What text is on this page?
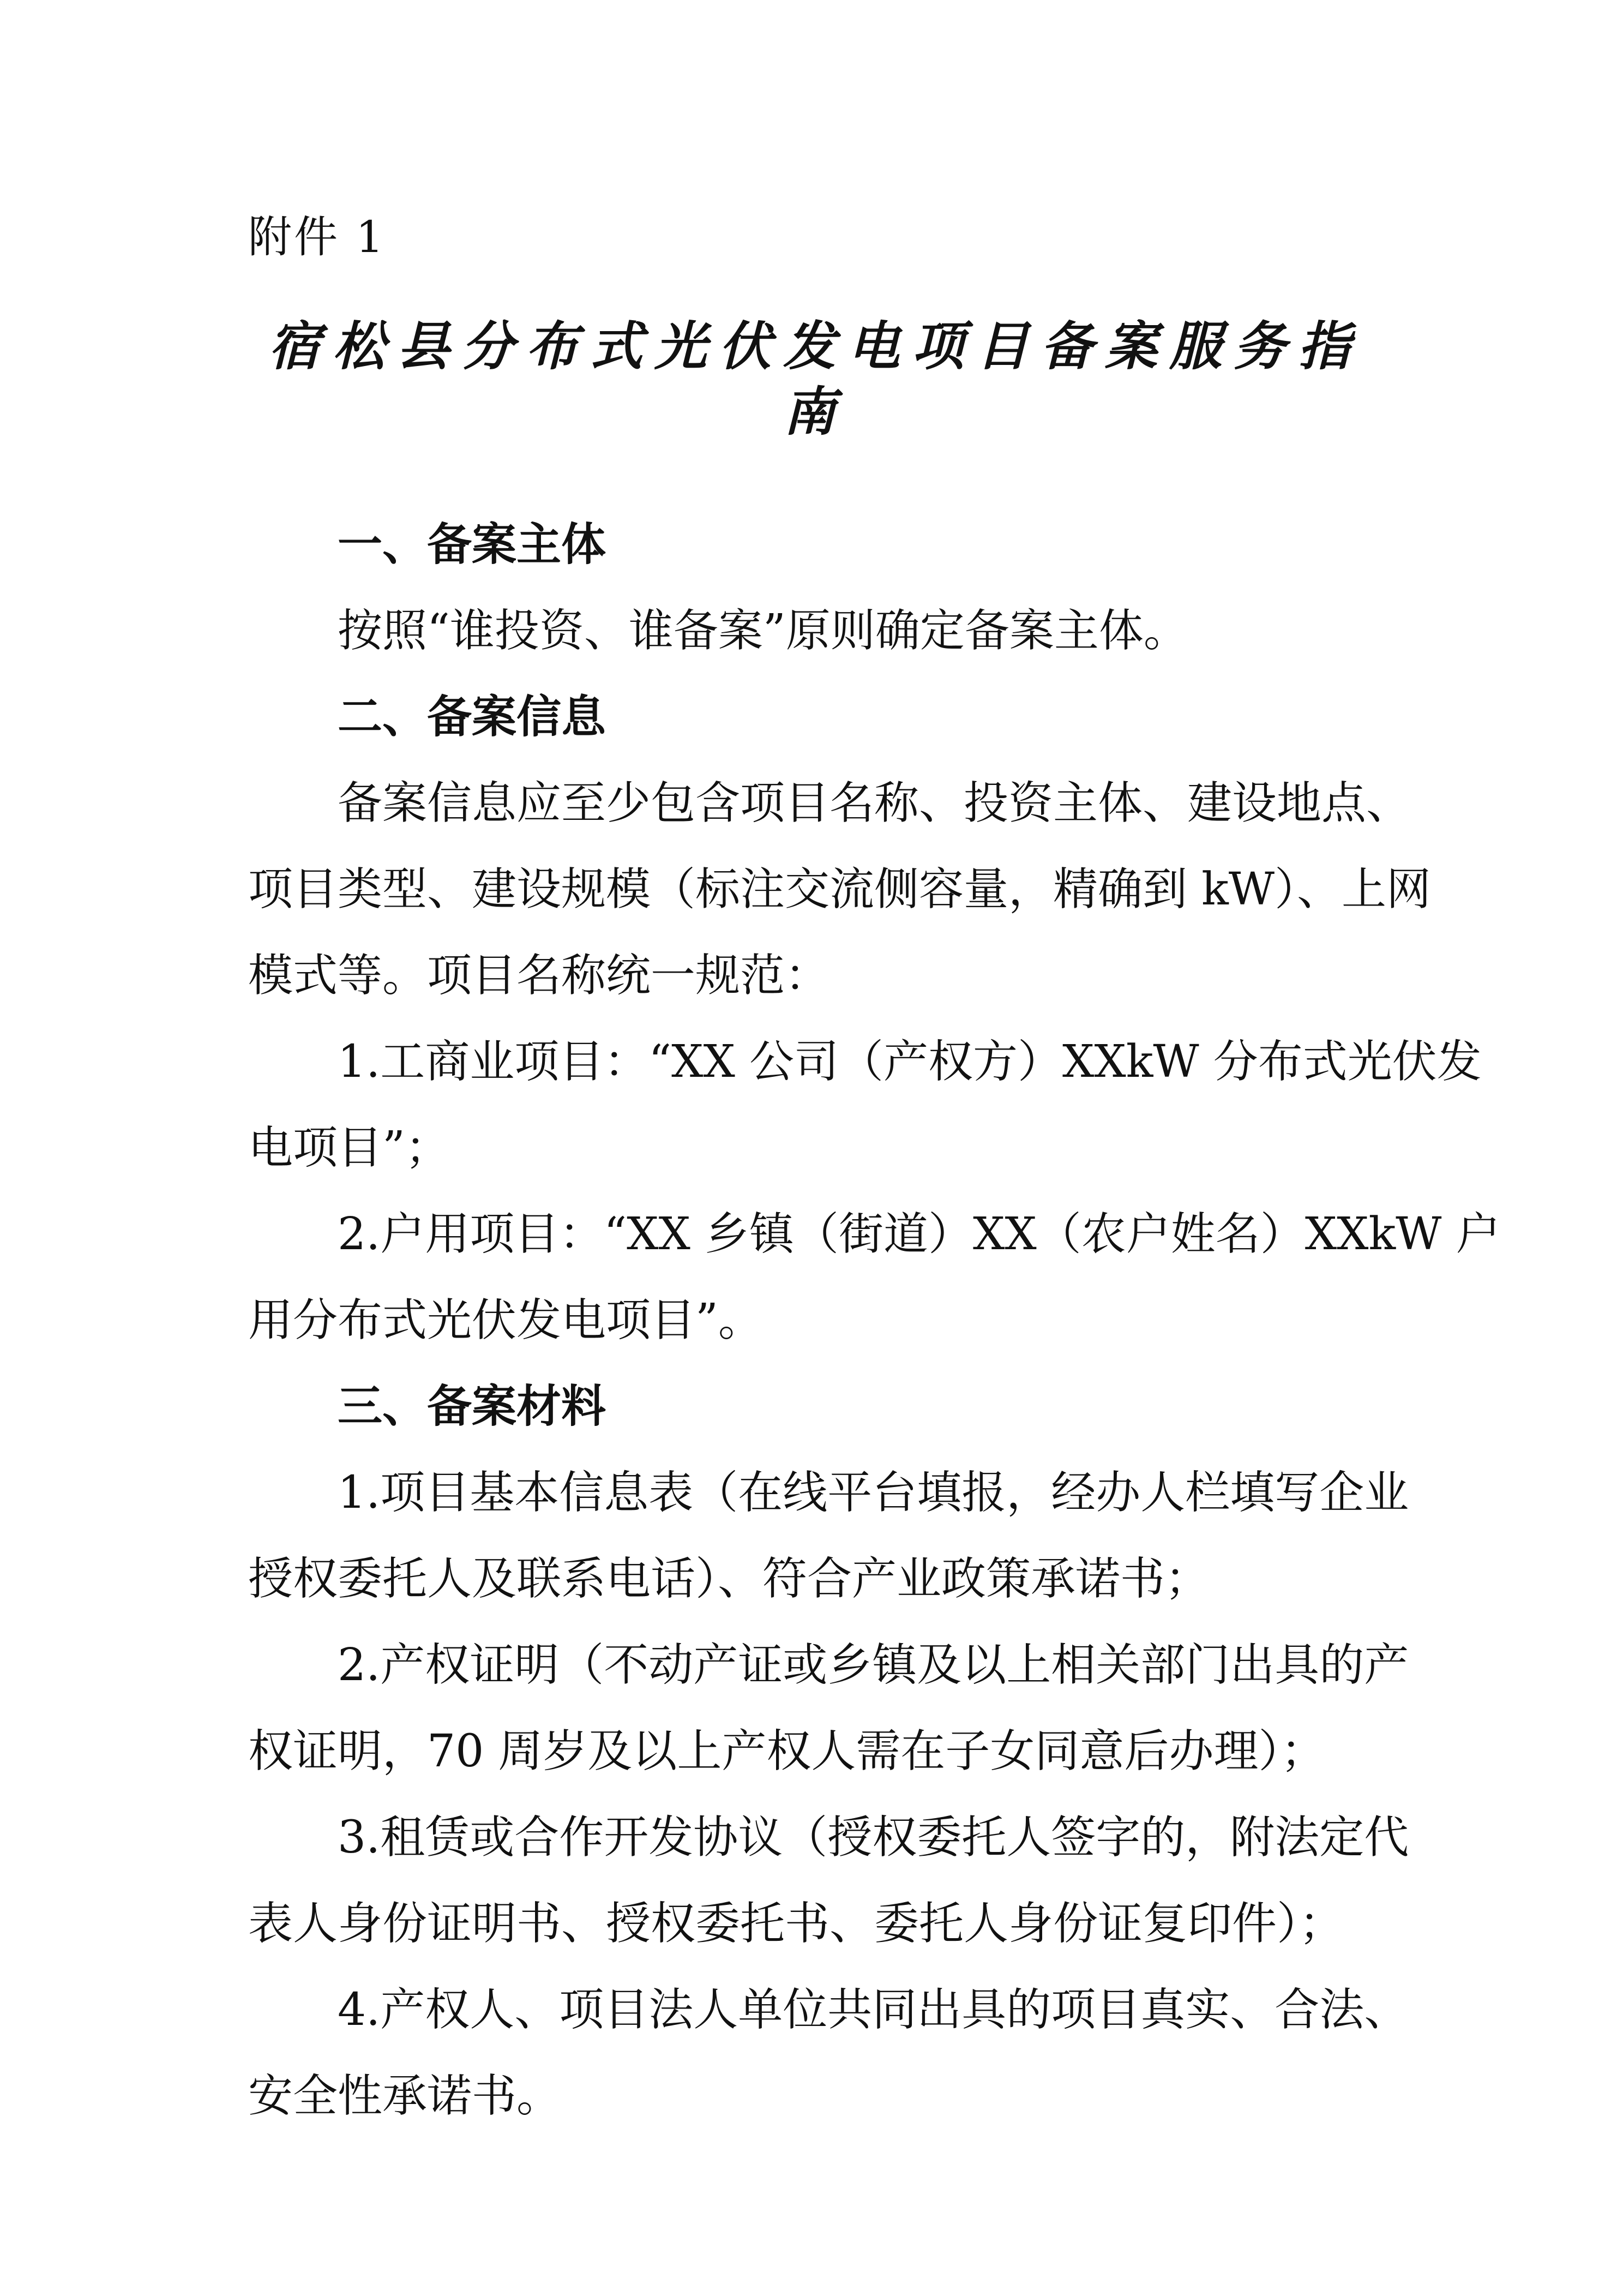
附件 1
宿松县分布式光伏发电项目备案服务指南
一、备案主体
按照“谁投资、谁备案”原则确定备案主体。
二、备案信息
备案信息应至少包含项目名称、投资主体、建设地点、
项目类型、建设规模（标注交流侧容量，精确到 kW）、上网
模式等。项目名称统一规范：
1.工商业项目：“XX 公司（产权方）XXkW 分布式光伏发
电项目”；
2.户用项目：“XX 乡镇（街道）XX（农户姓名）XXkW 户
用分布式光伏发电项目”。
三、备案材料
1.项目基本信息表（在线平台填报，经办人栏填写企业
授权委托人及联系电话）、符合产业政策承诺书；
2.产权证明（不动产证或乡镇及以上相关部门出具的产
权证明，70 周岁及以上产权人需在子女同意后办理）；
3.租赁或合作开发协议（授权委托人签字的，附法定代
表人身份证明书、授权委托书、委托人身份证复印件）；
4.产权人、项目法人单位共同出具的项目真实、合法、
安全性承诺书。
